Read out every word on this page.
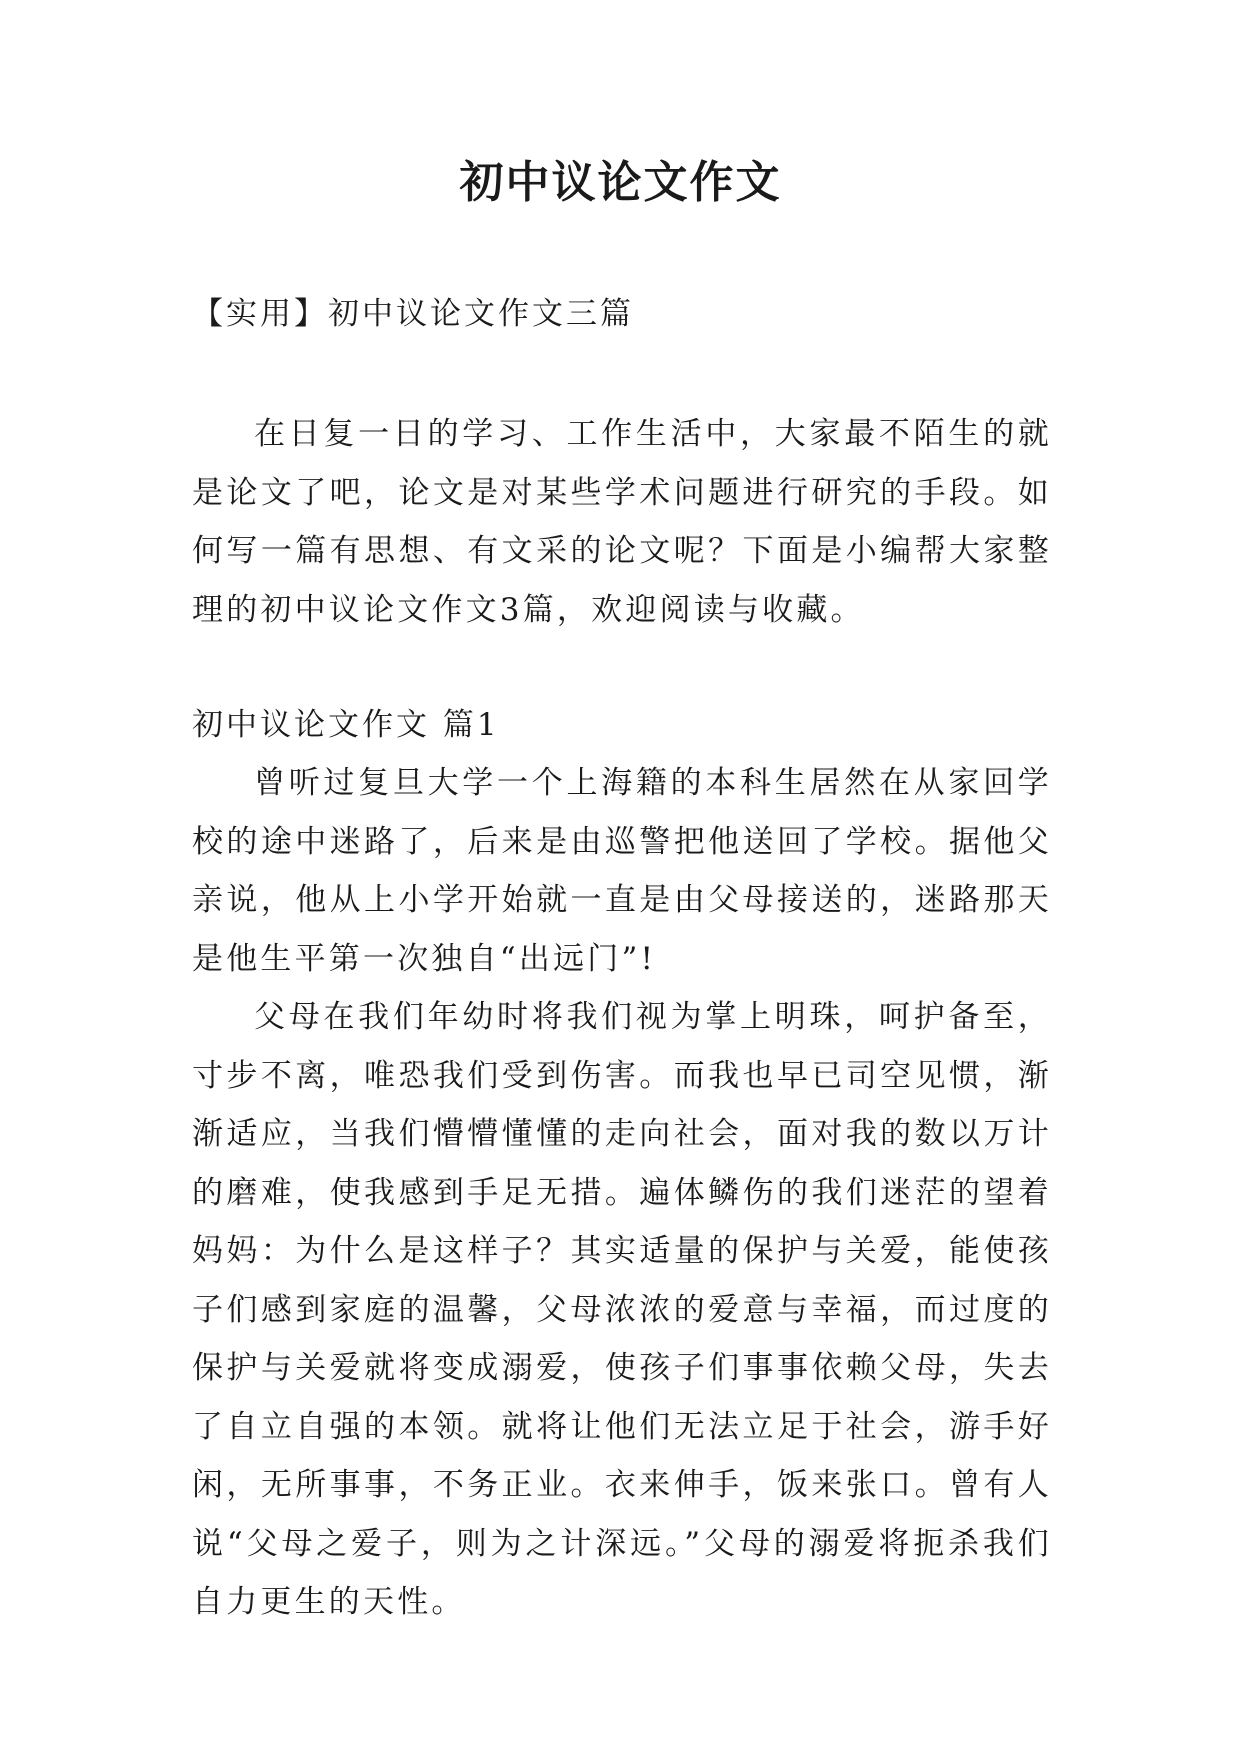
初中议论文作文
【实用】初中议论文作文三篇

在日复一日的学习、工作生活中，大家最不陌生的就是论文了吧，论文是对某些学术问题进行研究的手段。如何写一篇有思想、有文采的论文呢？下面是小编帮大家整理的初中议论文作文3篇，欢迎阅读与收藏。

初中议论文作文 篇1

曾听过复旦大学一个上海籍的本科生居然在从家回学校的途中迷路了，后来是由巡警把他送回了学校。据他父亲说，他从上小学开始就一直是由父母接送的，迷路那天是他生平第一次独自“出远门”!

父母在我们年幼时将我们视为掌上明珠，呵护备至，寸步不离，唯恐我们受到伤害。而我也早已司空见惯，渐渐适应，当我们懵懵懂懂的走向社会，面对我的数以万计的磨难，使我感到手足无措。遍体鳞伤的我们迷茫的望着妈妈：为什么是这样子？其实适量的保护与关爱，能使孩子们感到家庭的温馨，父母浓浓的爱意与幸福，而过度的保护与关爱就将变成溺爱，使孩子们事事依赖父母，失去了自立自强的本领。就将让他们无法立足于社会，游手好闲，无所事事，不务正业。衣来伸手，饭来张口。曾有人说“父母之爱子，则为之计深远。”父母的溺爱将扼杀我们自力更生的天性。
